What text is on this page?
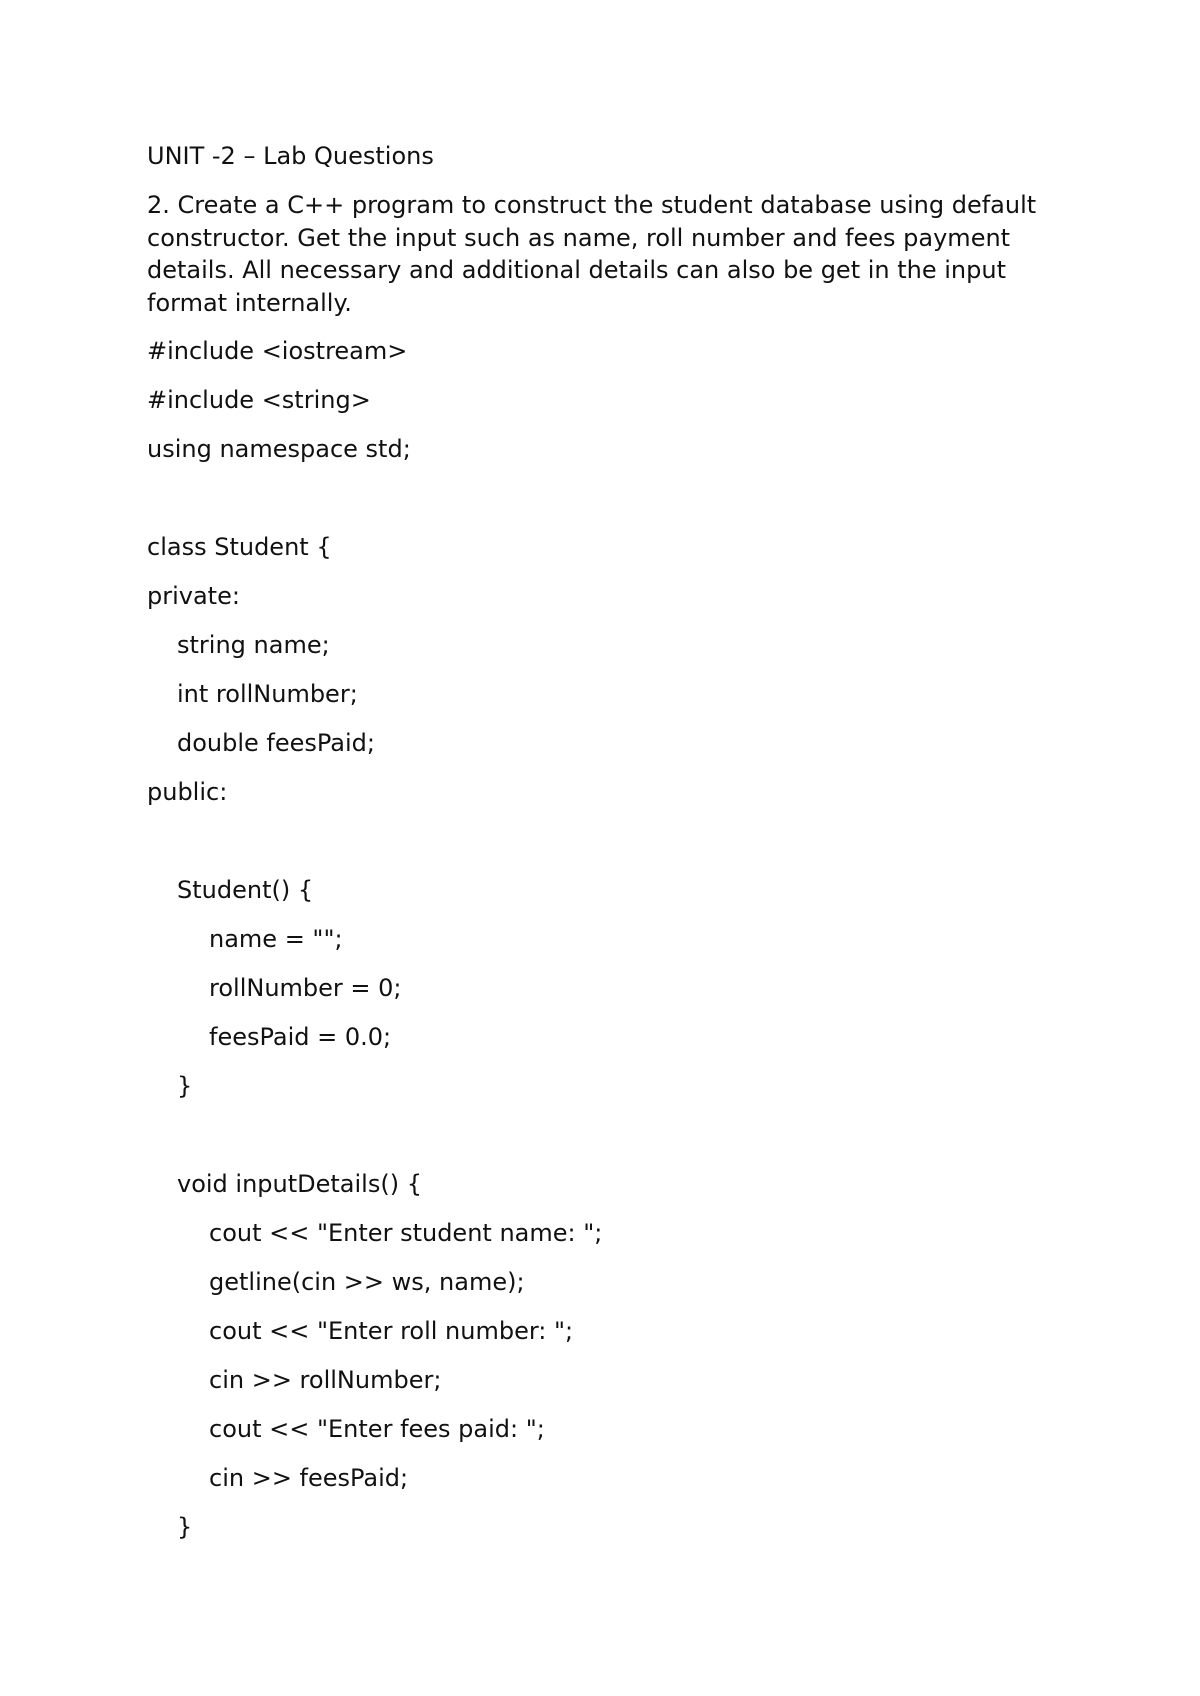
UNIT -2 – Lab Questions
2. Create a C++ program to construct the student database using default constructor. Get the input such as name, roll number and fees payment details. All necessary and additional details can also be get in the input format internally.
#include <iostream>
#include <string>
using namespace std;
class Student {
private:
string name;
int rollNumber;
double feesPaid;
public:
Student() {
name = "";
rollNumber = 0;
feesPaid = 0.0;
}
void inputDetails() {
cout << "Enter student name: ";
getline(cin >> ws, name);
cout << "Enter roll number: ";
cin >> rollNumber;
cout << "Enter fees paid: ";
cin >> feesPaid;
}
